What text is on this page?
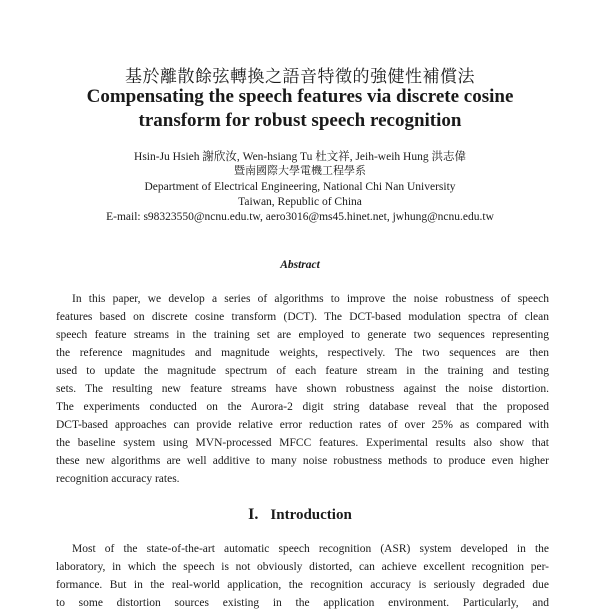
基於離散餘弦轉換之語音特徵的強健性補償法
Compensating the speech features via discrete cosine
transform for robust speech recognition
Hsin-Ju Hsieh 謝欣汝, Wen-hsiang Tu 杜文祥, Jeih-weih Hung 洪志偉
暨南國際大學電機工程學系
Department of Electrical Engineering, National Chi Nan University
Taiwan, Republic of China
E-mail: s98323550@ncnu.edu.tw, aero3016@ms45.hinet.net, jwhung@ncnu.edu.tw
Abstract
In this paper, we develop a series of algorithms to improve the noise robustness of speech
features based on discrete cosine transform (DCT). The DCT-based modulation spectra of clean
speech feature streams in the training set are employed to generate two sequences representing
the reference magnitudes and magnitude weights, respectively. The two sequences are then
used to update the magnitude spectrum of each feature stream in the training and testing
sets. The resulting new feature streams have shown robustness against the noise distortion.
The experiments conducted on the Aurora-2 digit string database reveal that the proposed
DCT-based approaches can provide relative error reduction rates of over 25% as compared with
the baseline system using MVN-processed MFCC features. Experimental results also show that
these new algorithms are well additive to many noise robustness methods to produce even higher
recognition accuracy rates.
I. Introduction
Most of the state-of-the-art automatic speech recognition (ASR) system developed in the
laboratory, in which the speech is not obviously distorted, can achieve excellent recognition per-
formance. But in the real-world application, the recognition accuracy is seriously degraded due
to some distortion sources existing in the application environment. Particularly, and
